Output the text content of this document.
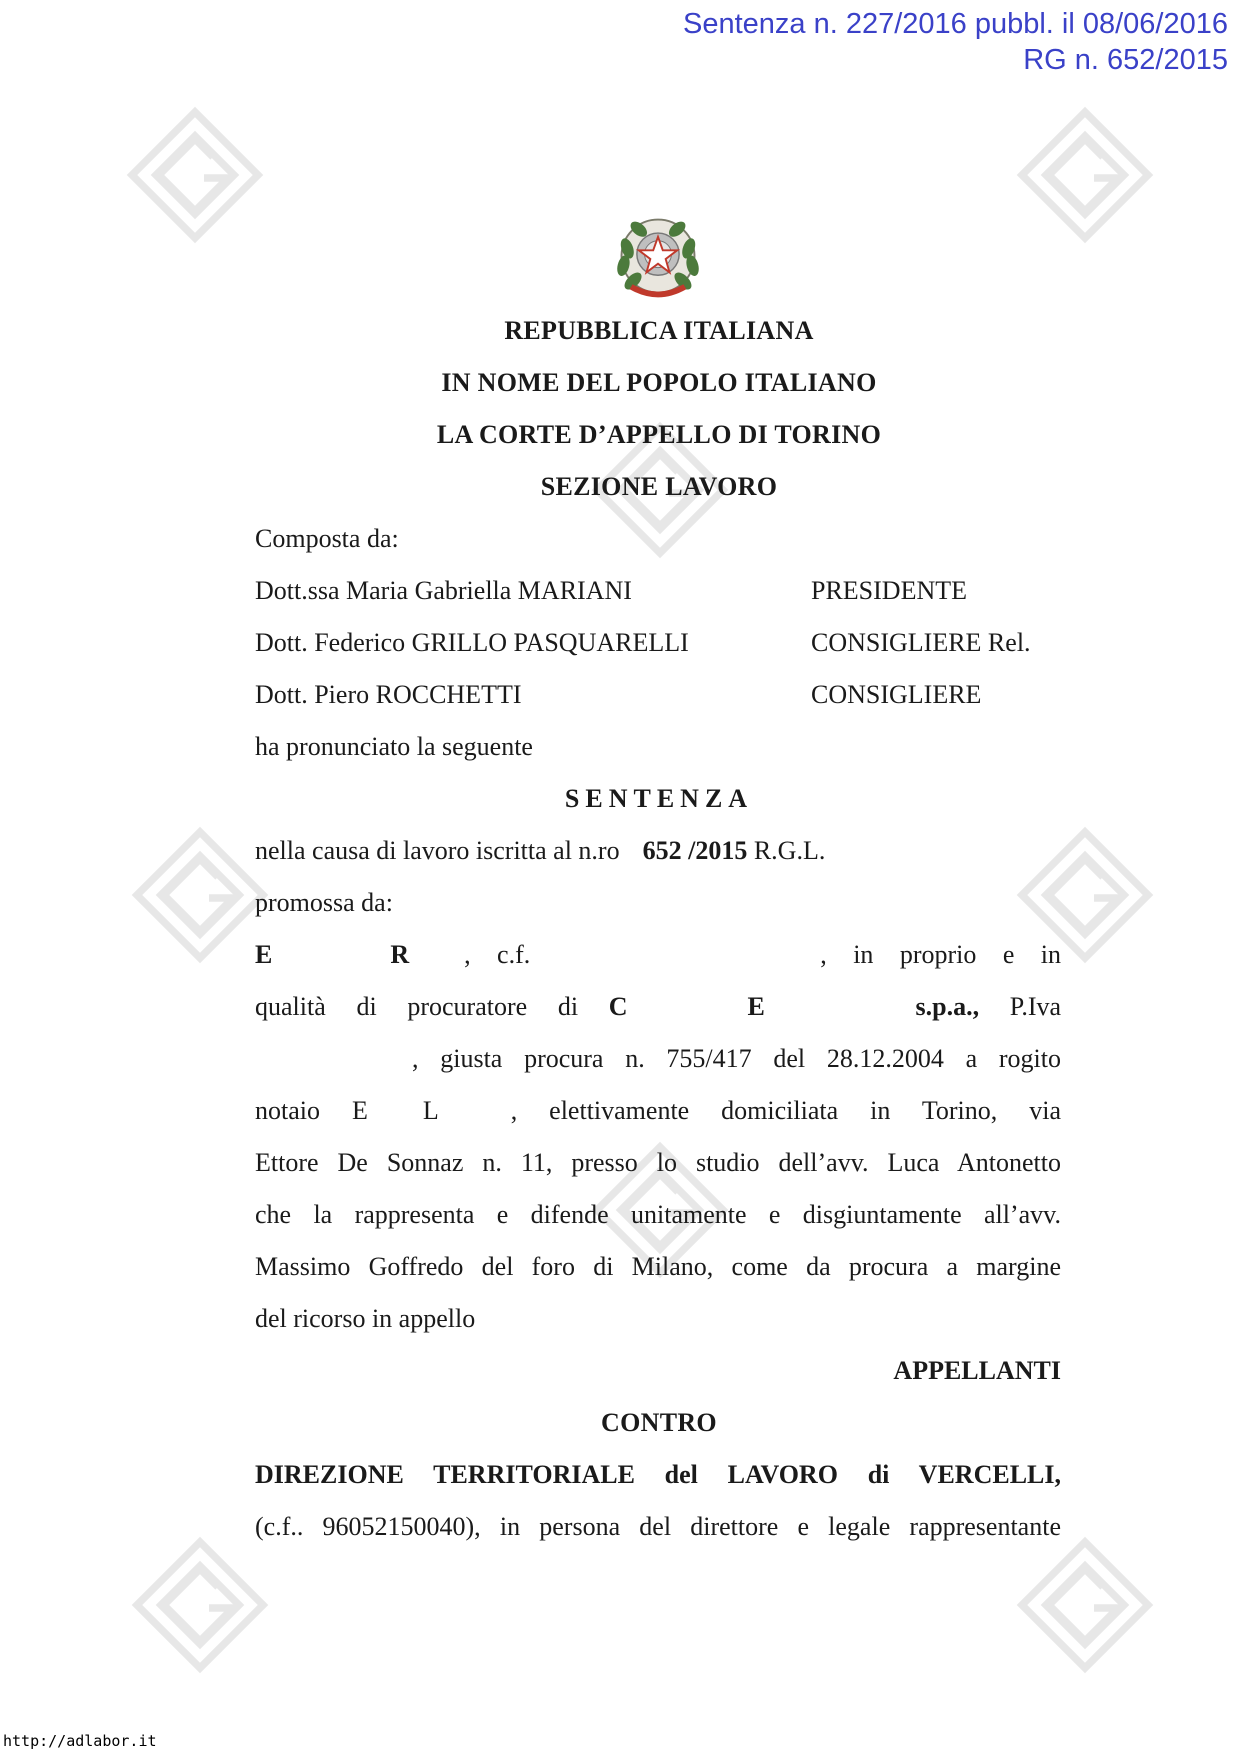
Sentenza n. 227/2016 pubbl. il 08/06/2016
RG n. 652/2015
REPUBBLICA ITALIANA
IN NOME DEL POPOLO ITALIANO
LA CORTE D’APPELLO DI TORINO
SEZIONE LAVORO
Composta da:
Dott.ssa Maria Gabriella MARIANI	PRESIDENTE
Dott. Federico GRILLO PASQUARELLI	CONSIGLIERE Rel.
Dott. Piero ROCCHETTI	CONSIGLIERE
ha pronunciato la seguente
SENTENZA
nella causa di lavoro iscritta al n.ro 652 /2015 R.G.L.
promossa da:
E	R , c.f.	, in proprio e in
qualità di procuratore di C	E	s.p.a., P.Iva
, giusta procura n. 755/417 del 28.12.2004 a rogito
notaio E L	, elettivamente domiciliata in Torino, via
Ettore De Sonnaz n. 11, presso lo studio dell’avv. Luca Antonetto
che la rappresenta e difende unitamente e disgiuntamente all’avv.
Massimo Goffredo del foro di Milano, come da procura a margine
del ricorso in appello
APPELLANTI
CONTRO
DIREZIONE TERRITORIALE del LAVORO di VERCELLI,
(c.f.. 96052150040), in persona del direttore e legale rappresentante
http://adlabor.it
